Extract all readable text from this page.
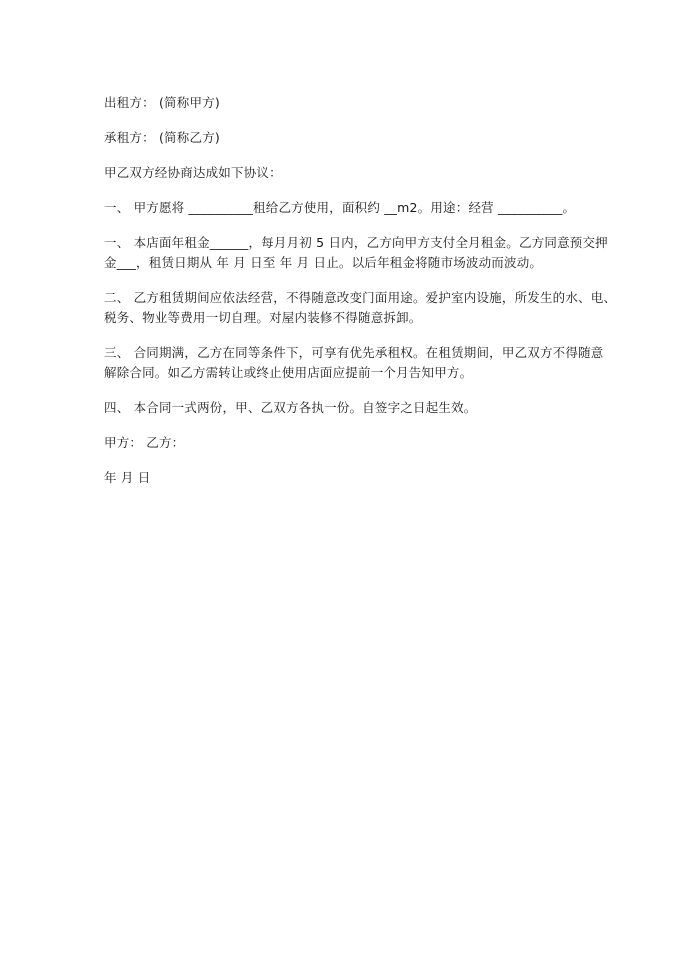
出租方： (简称甲方)

承租方： (简称乙方)

甲乙双方经协商达成如下协议：

一、 甲方愿将 __________租给乙方使用，面积约 __m2。用途：经营 __________。

一、 本店面年租金______，每月月初 5 日内，乙方向甲方支付全月租金。乙方同意预交押
金___，租赁日期从 年 月 日至 年 月 日止。以后年租金将随市场波动而波动。

二、 乙方租赁期间应依法经营，不得随意改变门面用途。爱护室内设施，所发生的水、电、
税务、物业等费用一切自理。对屋内装修不得随意拆卸。

三、 合同期满，乙方在同等条件下，可享有优先承租权。在租赁期间，甲乙双方不得随意
解除合同。如乙方需转让或终止使用店面应提前一个月告知甲方。

四、 本合同一式两份，甲、乙双方各执一份。自签字之日起生效。

甲方： 乙方：

年 月 日
